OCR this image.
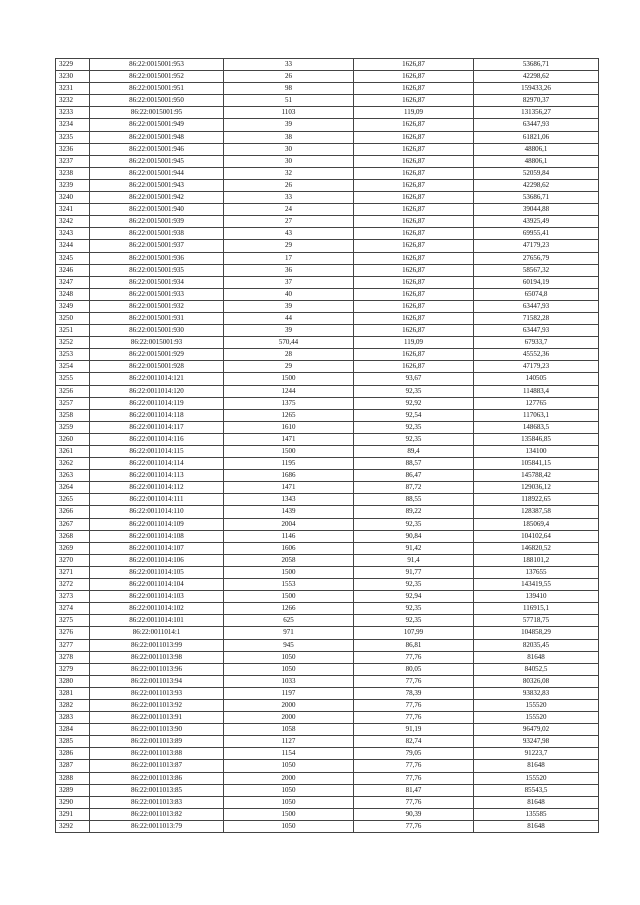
3229	86:22:0015001:953	33	1626,87	53686,71
3230	86:22:0015001:952	26	1626,87	42298,62
3231	86:22:0015001:951	98	1626,87	159433,26
3232	86:22:0015001:950	51	1626,87	82970,37
3233	86:22:0015001:95	1103	119,09	131356,27
3234	86:22:0015001:949	39	1626,87	63447,93
3235	86:22:0015001:948	38	1626,87	61821,06
3236	86:22:0015001:946	30	1626,87	48806,1
3237	86:22:0015001:945	30	1626,87	48806,1
3238	86:22:0015001:944	32	1626,87	52059,84
3239	86:22:0015001:943	26	1626,87	42298,62
3240	86:22:0015001:942	33	1626,87	53686,71
3241	86:22:0015001:940	24	1626,87	39044,88
3242	86:22:0015001:939	27	1626,87	43925,49
3243	86:22:0015001:938	43	1626,87	69955,41
3244	86:22:0015001:937	29	1626,87	47179,23
3245	86:22:0015001:936	17	1626,87	27656,79
3246	86:22:0015001:935	36	1626,87	58567,32
3247	86:22:0015001:934	37	1626,87	60194,19
3248	86:22:0015001:933	40	1626,87	65074,8
3249	86:22:0015001:932	39	1626,87	63447,93
3250	86:22:0015001:931	44	1626,87	71582,28
3251	86:22:0015001:930	39	1626,87	63447,93
3252	86:22:0015001:93	570,44	119,09	67933,7
3253	86:22:0015001:929	28	1626,87	45552,36
3254	86:22:0015001:928	29	1626,87	47179,23
3255	86:22:0011014:121	1500	93,67	140505
3256	86:22:0011014:120	1244	92,35	114883,4
3257	86:22:0011014:119	1375	92,92	127765
3258	86:22:0011014:118	1265	92,54	117063,1
3259	86:22:0011014:117	1610	92,35	148683,5
3260	86:22:0011014:116	1471	92,35	135846,85
3261	86:22:0011014:115	1500	89,4	134100
3262	86:22:0011014:114	1195	88,57	105841,15
3263	86:22:0011014:113	1686	86,47	145788,42
3264	86:22:0011014:112	1471	87,72	129036,12
3265	86:22:0011014:111	1343	88,55	118922,65
3266	86:22:0011014:110	1439	89,22	128387,58
3267	86:22:0011014:109	2004	92,35	185069,4
3268	86:22:0011014:108	1146	90,84	104102,64
3269	86:22:0011014:107	1606	91,42	146820,52
3270	86:22:0011014:106	2058	91,4	188101,2
3271	86:22:0011014:105	1500	91,77	137655
3272	86:22:0011014:104	1553	92,35	143419,55
3273	86:22:0011014:103	1500	92,94	139410
3274	86:22:0011014:102	1266	92,35	116915,1
3275	86:22:0011014:101	625	92,35	57718,75
3276	86:22:0011014:1	971	107,99	104858,29
3277	86:22:0011013:99	945	86,81	82035,45
3278	86:22:0011013:98	1050	77,76	81648
3279	86:22:0011013:96	1050	80,05	84052,5
3280	86:22:0011013:94	1033	77,76	80326,08
3281	86:22:0011013:93	1197	78,39	93832,83
3282	86:22:0011013:92	2000	77,76	155520
3283	86:22:0011013:91	2000	77,76	155520
3284	86:22:0011013:90	1058	91,19	96479,02
3285	86:22:0011013:89	1127	82,74	93247,98
3286	86:22:0011013:88	1154	79,05	91223,7
3287	86:22:0011013:87	1050	77,76	81648
3288	86:22:0011013:86	2000	77,76	155520
3289	86:22:0011013:85	1050	81,47	85543,5
3290	86:22:0011013:83	1050	77,76	81648
3291	86:22:0011013:82	1500	90,39	135585
3292	86:22:0011013:79	1050	77,76	81648
